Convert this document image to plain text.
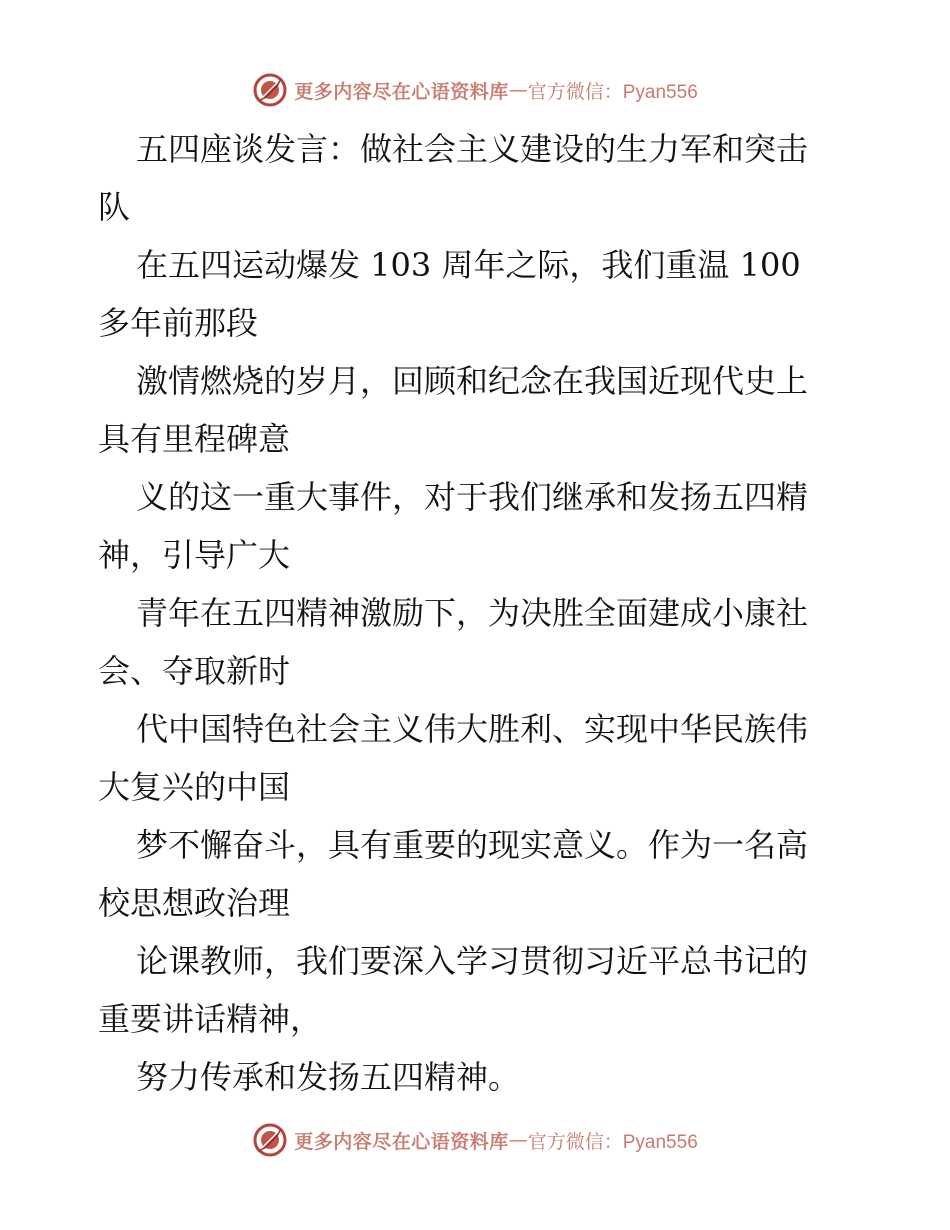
更多内容尽在心语资料库 — 官方微信：Pyan556
五四座谈发言：做社会主义建设的生力军和突击
队
在五四运动爆发 103 周年之际，我们重温 100
多年前那段
激情燃烧的岁月，回顾和纪念在我国近现代史上
具有里程碑意
义的这一重大事件，对于我们继承和发扬五四精
神，引导广大
青年在五四精神激励下，为决胜全面建成小康社
会、夺取新时
代中国特色社会主义伟大胜利、实现中华民族伟
大复兴的中国
梦不懈奋斗，具有重要的现实意义。作为一名高
校思想政治理
论课教师，我们要深入学习贯彻习近平总书记的
重要讲话精神，
努力传承和发扬五四精神。
更多内容尽在心语资料库 — 官方微信：Pyan556
